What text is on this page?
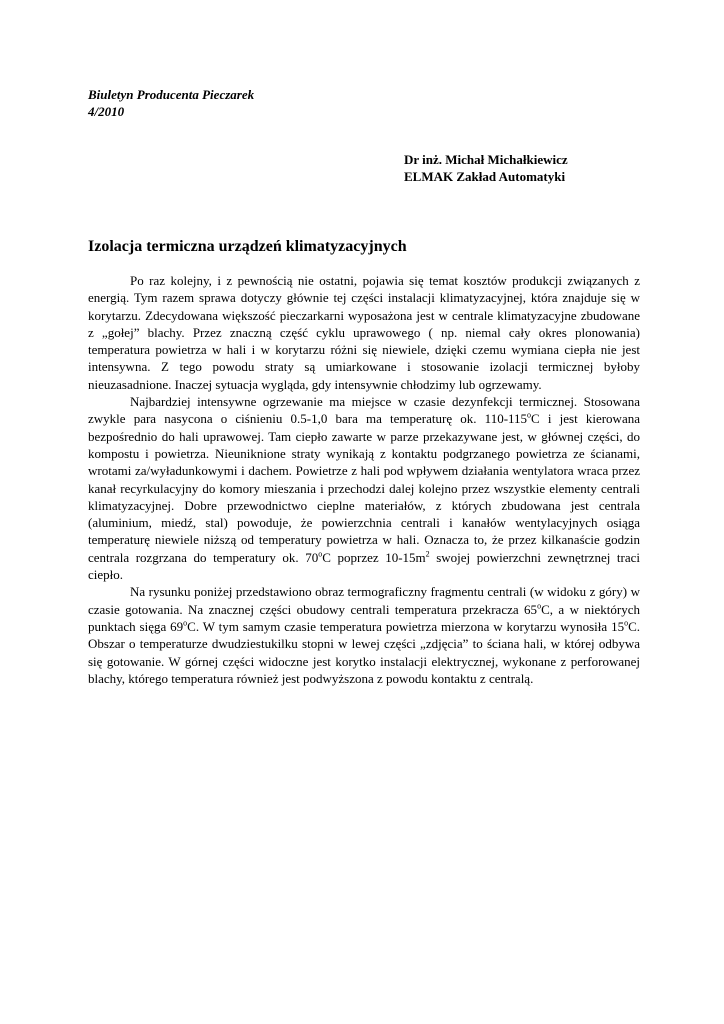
Biuletyn Producenta Pieczarek
4/2010
Dr inż. Michał Michałkiewicz
ELMAK Zakład Automatyki
Izolacja termiczna urządzeń klimatyzacyjnych

Po raz kolejny, i z pewnością nie ostatni, pojawia się temat kosztów produkcji związanych z energią. Tym razem sprawa dotyczy głównie tej części instalacji klimatyzacyjnej, która znajduje się w korytarzu. Zdecydowana większość pieczarkarni wyposażona jest w centrale klimatyzacyjne zbudowane z „gołej” blachy. Przez znaczną część cyklu uprawowego ( np. niemal cały okres plonowania) temperatura powietrza w hali i w korytarzu różni się niewiele, dzięki czemu wymiana ciepła nie jest intensywna. Z tego powodu straty są umiarkowane i stosowanie izolacji termicznej byłoby nieuzasadnione. Inaczej sytuacja wygląda, gdy intensywnie chłodzimy lub ogrzewamy.

Najbardziej intensywne ogrzewanie ma miejsce w czasie dezynfekcji termicznej. Stosowana zwykle para nasycona o ciśnieniu 0.5-1,0 bara ma temperaturę ok. 110-115$^o$C i jest kierowana bezpośrednio do hali uprawowej. Tam ciepło zawarte w parze przekazywane jest, w głównej części, do kompostu i powietrza. Nieuniknione straty wynikają z kontaktu podgrzanego powietrza ze ścianami, wrotami za/wyładunkowymi i dachem. Powietrze z hali pod wpływem działania wentylatora wraca przez kanał recyrkulacyjny do komory mieszania i przechodzi dalej kolejno przez wszystkie elementy centrali klimatyzacyjnej. Dobre przewodnictwo cieplne materiałów, z których zbudowana jest centrala (aluminium, miedź, stal) powoduje, że powierzchnia centrali i kanałów wentylacyjnych osiąga temperaturę niewiele niższą od temperatury powietrza w hali. Oznacza to, że przez kilkanaście godzin centrala rozgrzana do temperatury ok. 70$^o$C poprzez $10-15m^2$ swojej powierzchni zewnętrznej traci ciepło.

Na rysunku poniżej przedstawiono obraz termograficzny fragmentu centrali (w widoku z góry) w czasie gotowania. Na znacznej części obudowy centrali temperatura przekracza 65$^o$C, a w niektórych punktach sięga 69$^o$C. W tym samym czasie temperatura powietrza mierzona w korytarzu wynosiła 15$^o$C. Obszar o temperaturze dwudziestukilku stopni w lewej części „zdjęcia” to ściana hali, w której odbywa się gotowanie. W górnej części widoczne jest korytko instalacji elektrycznej, wykonane z perforowanej blachy, którego temperatura również jest podwyższona z powodu kontaktu z centralą.
